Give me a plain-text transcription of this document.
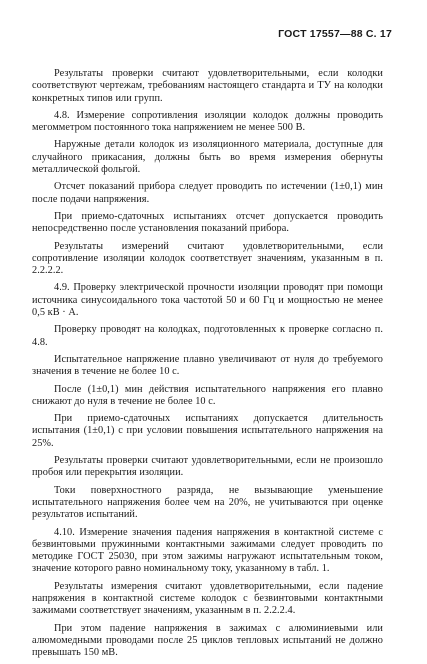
ГОСТ 17557—88 С. 17

Результаты проверки считают удовлетворительными, если колодки соответствуют чертежам, требованиям настоящего стандарта и ТУ на колодки конкретных типов или групп.

4.8. Измерение сопротивления изоляции колодок должны проводить мегомметром постоянного тока напряжением не менее 500 В.

Наружные детали колодок из изоляционного материала, доступные для случайного прикасания, должны быть во время измерения обернуты металлической фольгой.

Отсчет показаний прибора следует проводить по истечении (1±0,1) мин после подачи напряжения.

При приемо-сдаточных испытаниях отсчет допускается проводить непосредственно после установления показаний прибора.

Результаты измерений считают удовлетворительными, если сопротивление изоляции колодок соответствует значениям, указанным в п. 2.2.2.2.

4.9. Проверку электрической прочности изоляции проводят при помощи источника синусоидального тока частотой 50 и 60 Гц и мощностью не менее 0,5 кВ · А.

Проверку проводят на колодках, подготовленных к проверке согласно п. 4.8.

Испытательное напряжение плавно увеличивают от нуля до требуемого значения в течение не более 10 с.

После (1±0,1) мин действия испытательного напряжения его плавно снижают до нуля в течение не более 10 с.

При приемо-сдаточных испытаниях допускается длительность испытания (1±0,1) с при условии повышения испытательного напряжения на 25%.

Результаты проверки считают удовлетворительными, если не произошло пробоя или перекрытия изоляции.

Токи поверхностного разряда, не вызывающие уменьшение испытательного напряжения более чем на 20%, не учитываются при оценке результатов испытаний.

4.10. Измерение значения падения напряжения в контактной системе с безвинтовыми пружинными контактными зажимами следует проводить по методике ГОСТ 25030, при этом зажимы нагружают испытательным током, значение которого равно номинальному току, указанному в табл. 1.

Результаты измерения считают удовлетворительными, если падение напряжения в контактной системе колодок с безвинтовыми контактными зажимами соответствует значениям, указанным в п. 2.2.2.4.

При этом падение напряжения в зажимах с алюминиевыми или алюмомедными проводами после 25 циклов тепловых испытаний не должно превышать 150 мВ.
